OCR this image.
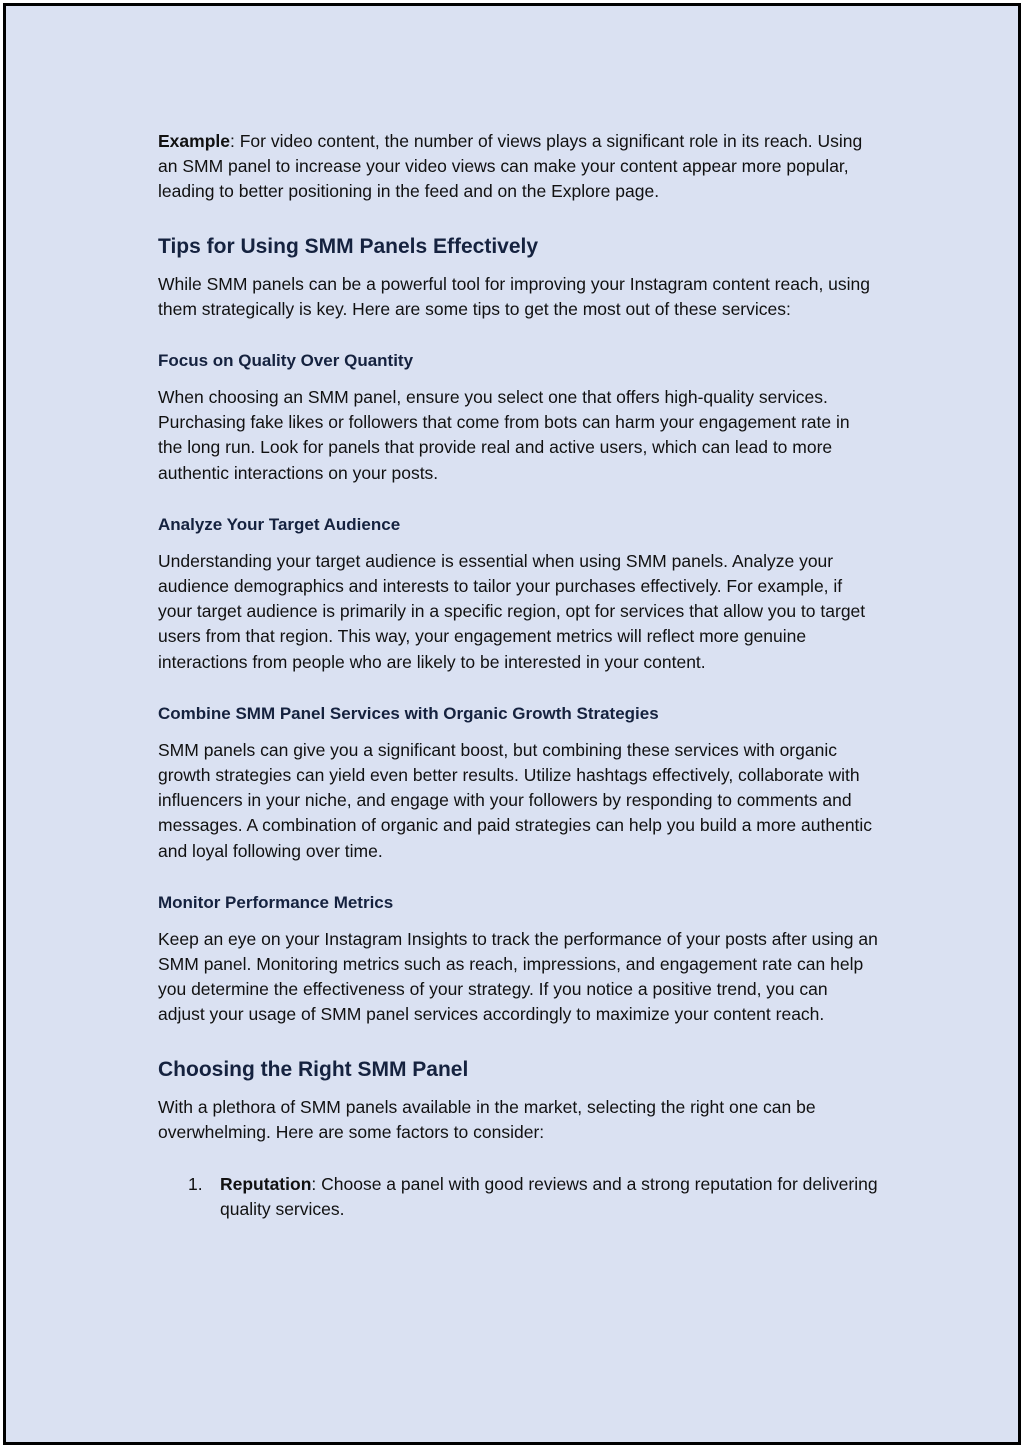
Example: For video content, the number of views plays a significant role in its reach. Using an SMM panel to increase your video views can make your content appear more popular, leading to better positioning in the feed and on the Explore page.

Tips for Using SMM Panels Effectively

While SMM panels can be a powerful tool for improving your Instagram content reach, using them strategically is key. Here are some tips to get the most out of these services:

Focus on Quality Over Quantity

When choosing an SMM panel, ensure you select one that offers high-quality services. Purchasing fake likes or followers that come from bots can harm your engagement rate in the long run. Look for panels that provide real and active users, which can lead to more authentic interactions on your posts.

Analyze Your Target Audience

Understanding your target audience is essential when using SMM panels. Analyze your audience demographics and interests to tailor your purchases effectively. For example, if your target audience is primarily in a specific region, opt for services that allow you to target users from that region. This way, your engagement metrics will reflect more genuine interactions from people who are likely to be interested in your content.

Combine SMM Panel Services with Organic Growth Strategies

SMM panels can give you a significant boost, but combining these services with organic growth strategies can yield even better results. Utilize hashtags effectively, collaborate with influencers in your niche, and engage with your followers by responding to comments and messages. A combination of organic and paid strategies can help you build a more authentic and loyal following over time.

Monitor Performance Metrics

Keep an eye on your Instagram Insights to track the performance of your posts after using an SMM panel. Monitoring metrics such as reach, impressions, and engagement rate can help you determine the effectiveness of your strategy. If you notice a positive trend, you can adjust your usage of SMM panel services accordingly to maximize your content reach.

Choosing the Right SMM Panel

With a plethora of SMM panels available in the market, selecting the right one can be overwhelming. Here are some factors to consider:

1. Reputation: Choose a panel with good reviews and a strong reputation for delivering quality services.
